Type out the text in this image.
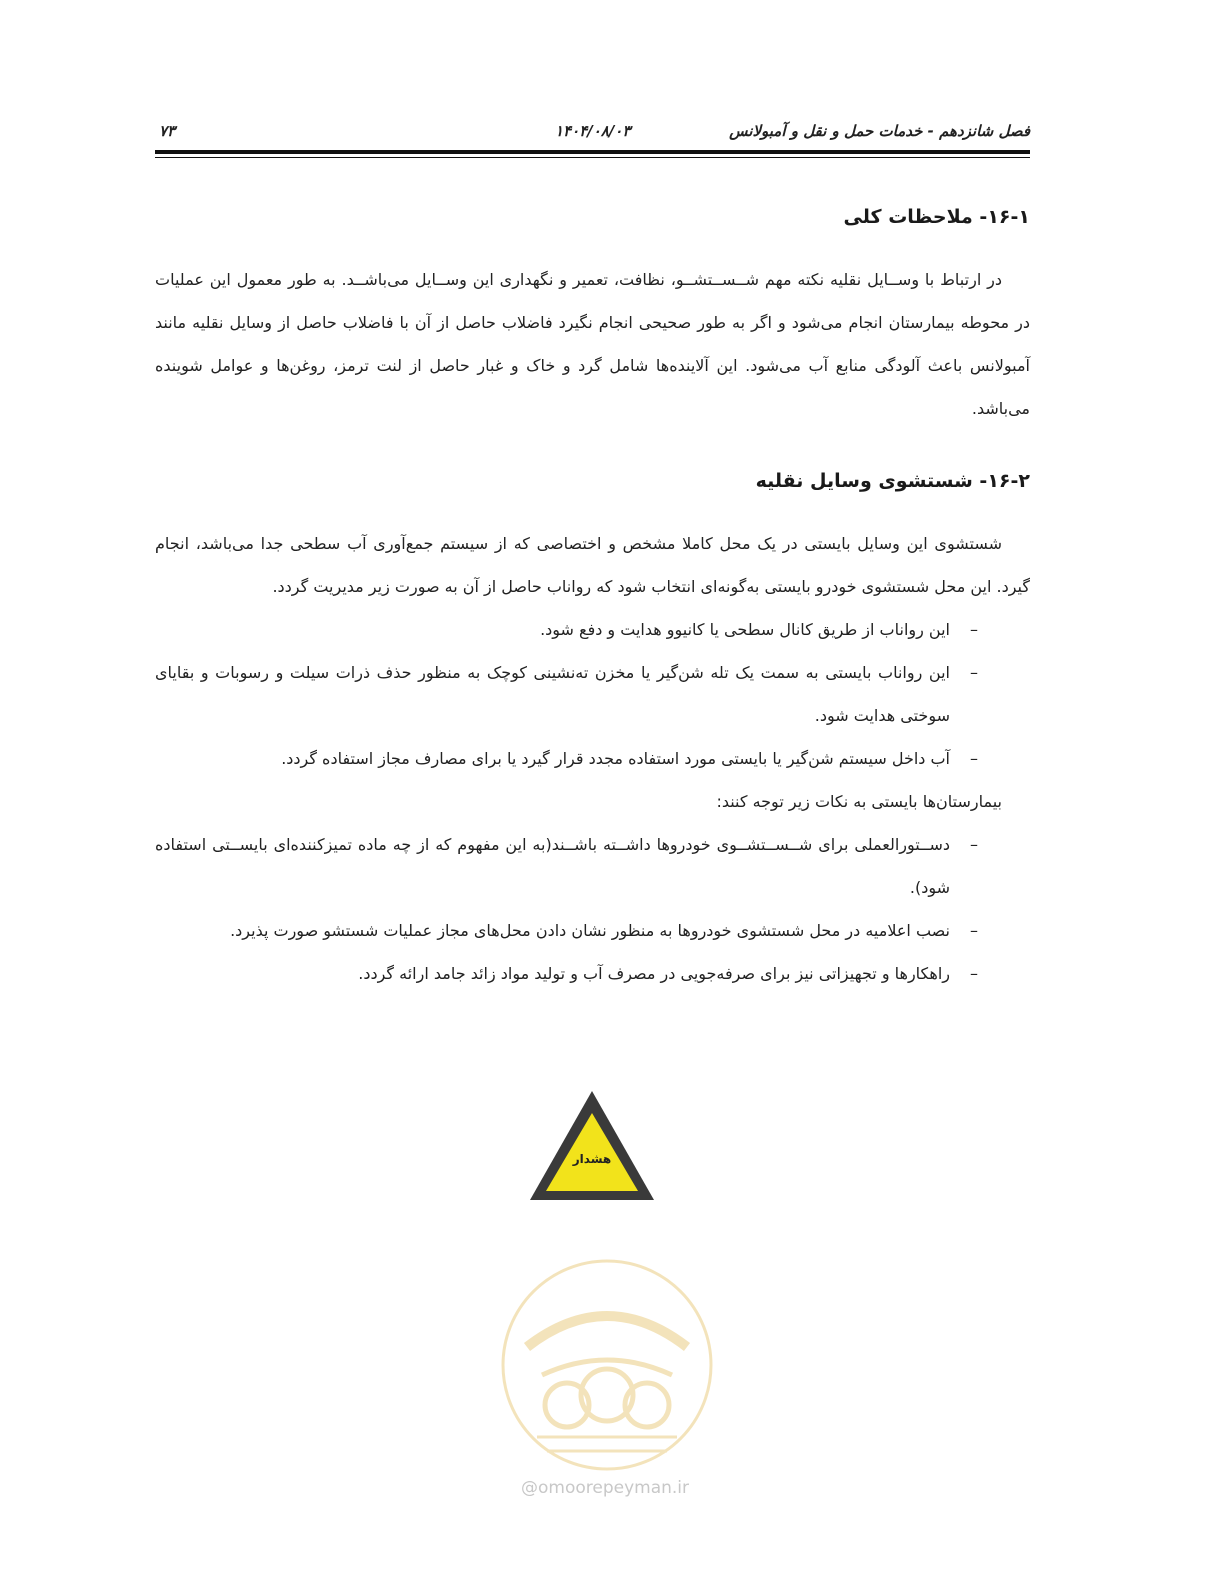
فصل شانزدهم - خدمات حمل و نقل و آمبولانس
۱۴۰۴/۰۸/۰۳
۷۳
۱۶-۱- ملاحظات کلی

در ارتباط با وســایل نقلیه نکته مهم شــســتشــو، نظافت، تعمیر و نگهداری این وســایل می‌باشــد. به طور معمول این عملیات در محوطه بیمارستان انجام می‌شود و اگر به طور صحیحی انجام نگیرد فاضلاب حاصل از آن با فاضلاب حاصل از وسایل نقلیه مانند آمبولانس باعث آلودگی منابع آب می‌شود. این آلاینده‌ها شامل گرد و خاک و غبار حاصل از لنت ترمز، روغن‌ها و عوامل شوینده می‌باشد.

۱۶-۲- شستشوی وسایل نقلیه

شستشوی این وسایل بایستی در یک محل کاملا مشخص و اختصاصی که از سیستم جمع‌آوری آب سطحی جدا می‌باشد، انجام گیرد. این محل شستشوی خودرو بایستی به‌گونه‌ای انتخاب شود که رواناب حاصل از آن به صورت زیر مدیریت گردد.

–
این رواناب از طریق کانال سطحی یا کانیوو هدایت و دفع شود.
–
این رواناب بایستی به سمت یک تله شن‌گیر یا مخزن ته‌نشینی کوچک به منظور حذف ذرات سیلت و رسوبات و بقایای سوختی هدایت شود.
–
آب داخل سیستم شن‌گیر یا بایستی مورد استفاده مجدد قرار گیرد یا برای مصارف مجاز استفاده گردد.
بیمارستان‌ها بایستی به نکات زیر توجه کنند:
–
دســتورالعملی برای شــســتشــوی خودروها داشــته باشــند(به این مفهوم که از چه ماده تمیزکننده‌ای بایســتی استفاده شود).
–
نصب اعلامیه در محل شستشوی خودروها به منظور نشان دادن محل‌های مجاز عملیات شستشو صورت پذیرد.
–
راهکارها و تجهیزاتی نیز برای صرفه‌جویی در مصرف آب و تولید مواد زائد جامد ارائه گردد.
هشدار
@omoorepeyman.ir
